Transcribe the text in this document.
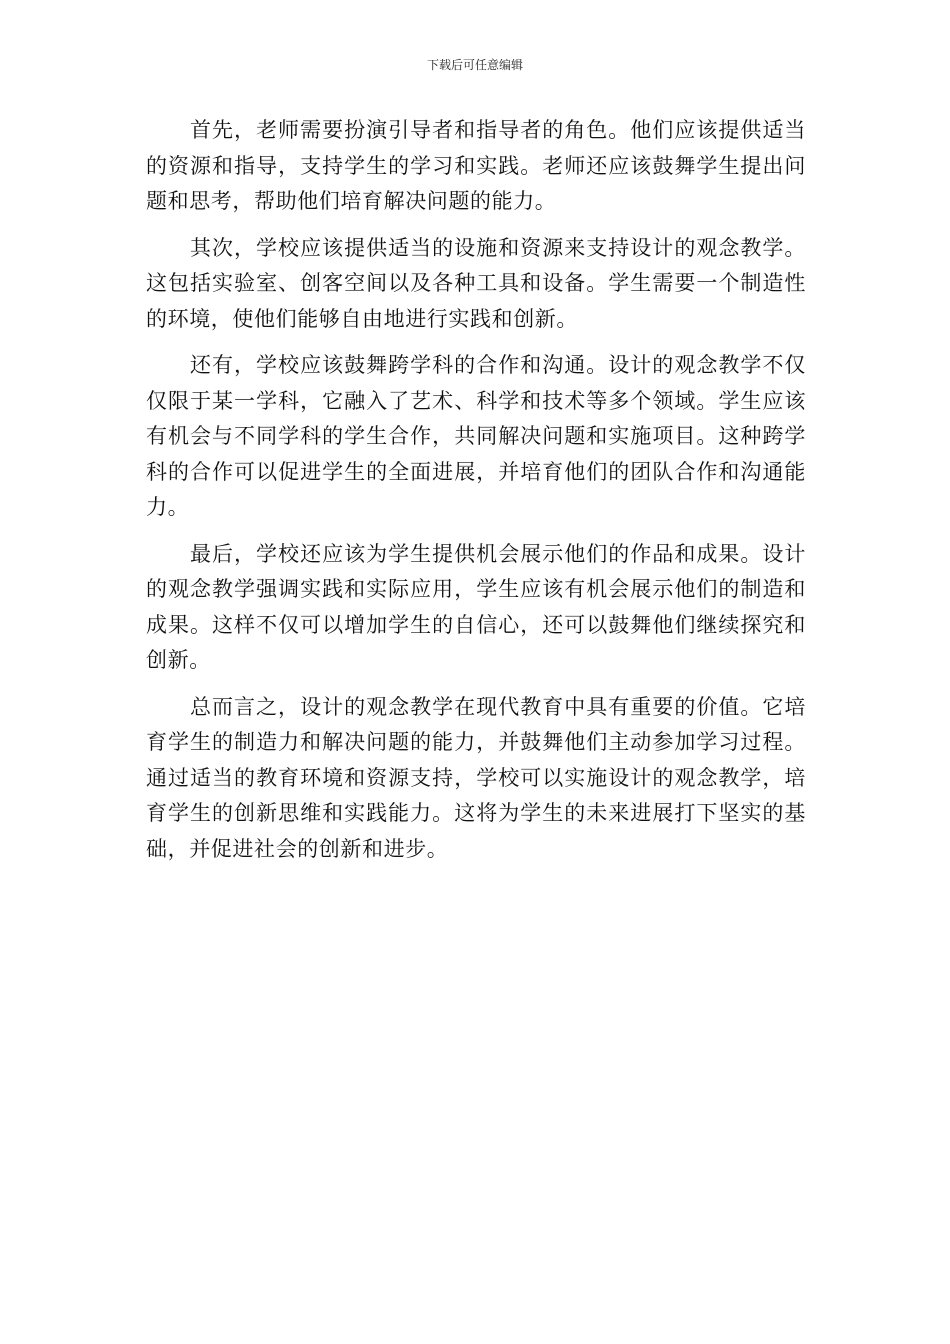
下载后可任意编辑

首先，老师需要扮演引导者和指导者的角色。他们应该提供适当的资源和指导，支持学生的学习和实践。老师还应该鼓舞学生提出问题和思考，帮助他们培育解决问题的能力。

其次，学校应该提供适当的设施和资源来支持设计的观念教学。这包括实验室、创客空间以及各种工具和设备。学生需要一个制造性的环境，使他们能够自由地进行实践和创新。

还有，学校应该鼓舞跨学科的合作和沟通。设计的观念教学不仅仅限于某一学科，它融入了艺术、科学和技术等多个领域。学生应该有机会与不同学科的学生合作，共同解决问题和实施项目。这种跨学科的合作可以促进学生的全面进展，并培育他们的团队合作和沟通能力。

最后，学校还应该为学生提供机会展示他们的作品和成果。设计的观念教学强调实践和实际应用，学生应该有机会展示他们的制造和成果。这样不仅可以增加学生的自信心，还可以鼓舞他们继续探究和创新。

总而言之，设计的观念教学在现代教育中具有重要的价值。它培育学生的制造力和解决问题的能力，并鼓舞他们主动参加学习过程。通过适当的教育环境和资源支持，学校可以实施设计的观念教学，培育学生的创新思维和实践能力。这将为学生的未来进展打下坚实的基础，并促进社会的创新和进步。
